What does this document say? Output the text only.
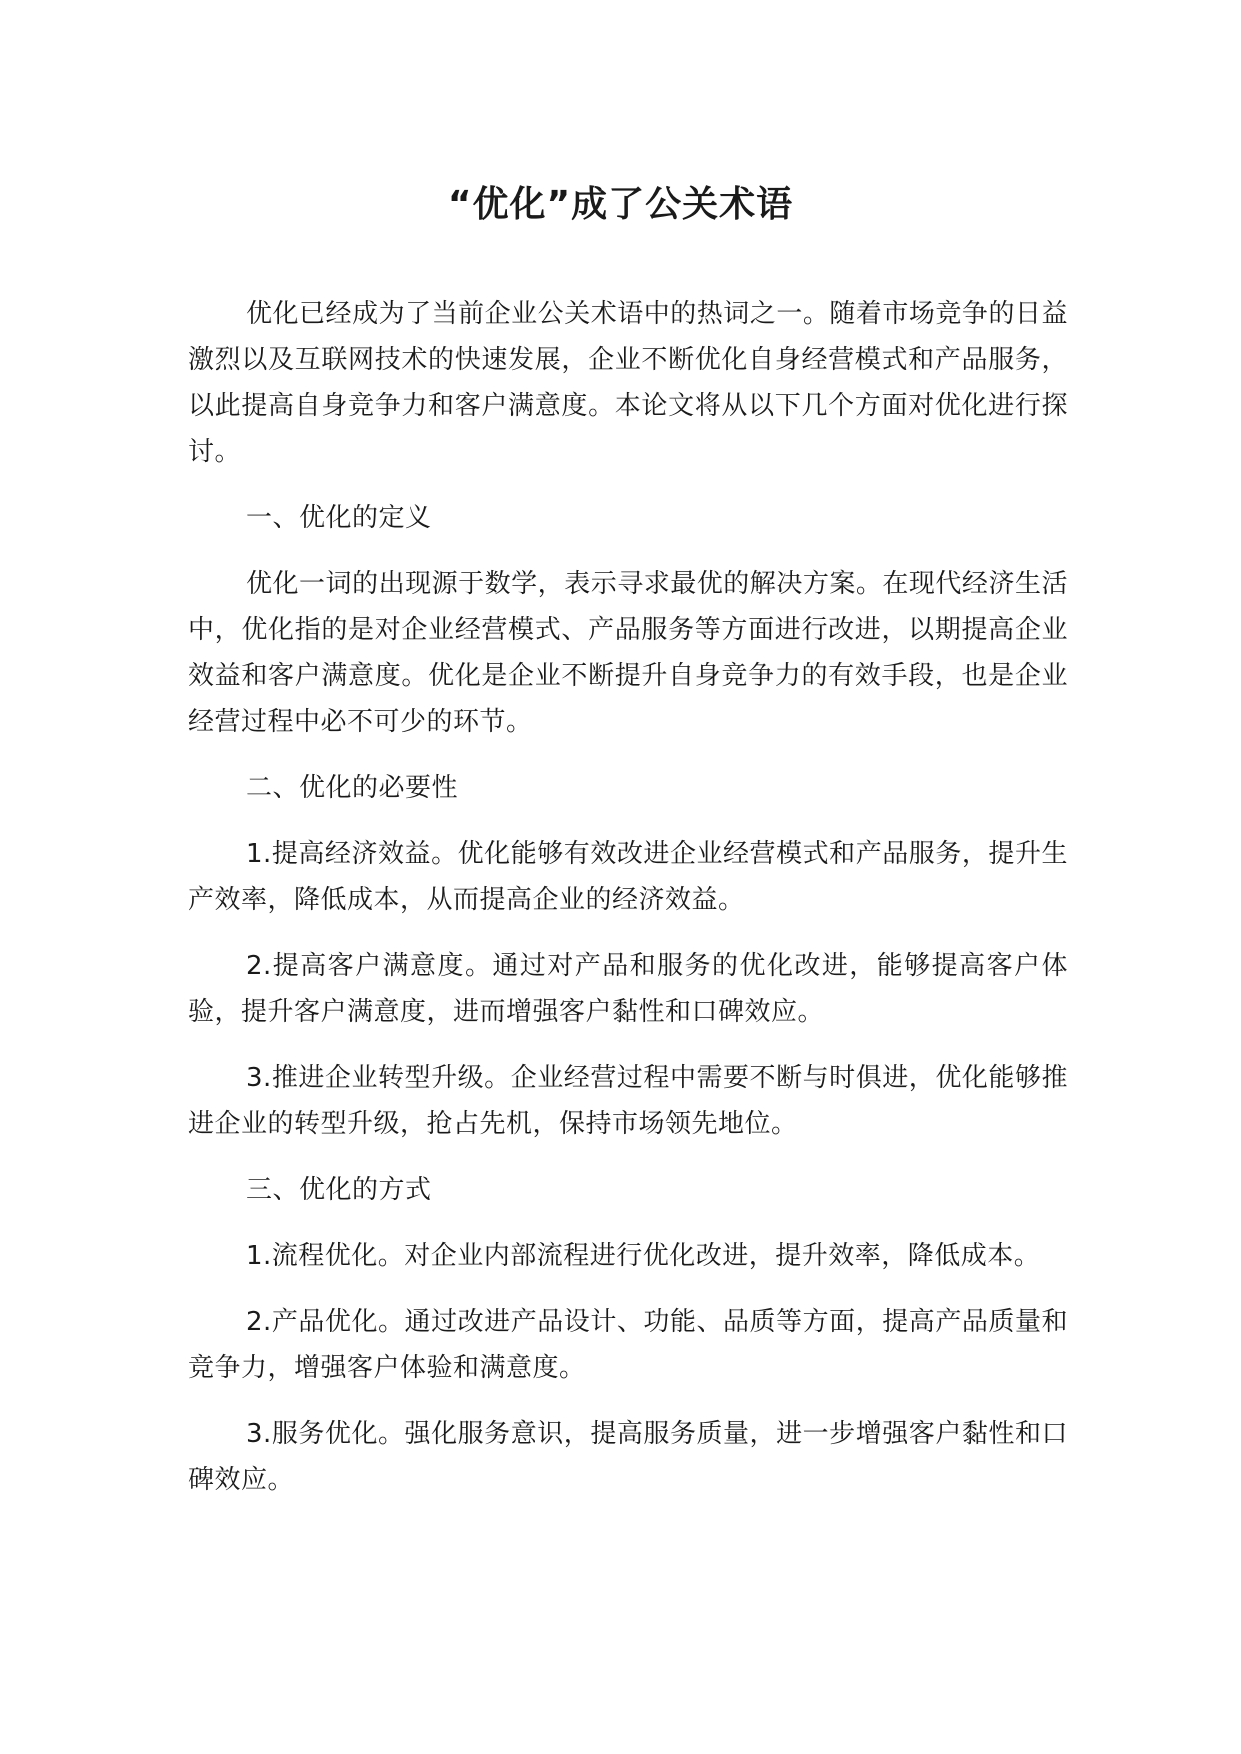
“优化”成了公关术语

优化已经成为了当前企业公关术语中的热词之一。随着市场竞争的日益激烈以及互联网技术的快速发展，企业不断优化自身经营模式和产品服务，以此提高自身竞争力和客户满意度。本论文将从以下几个方面对优化进行探讨。

一、优化的定义

优化一词的出现源于数学，表示寻求最优的解决方案。在现代经济生活中，优化指的是对企业经营模式、产品服务等方面进行改进，以期提高企业效益和客户满意度。优化是企业不断提升自身竞争力的有效手段，也是企业经营过程中必不可少的环节。

二、优化的必要性

1.提高经济效益。优化能够有效改进企业经营模式和产品服务，提升生产效率，降低成本，从而提高企业的经济效益。

2.提高客户满意度。通过对产品和服务的优化改进，能够提高客户体验，提升客户满意度，进而增强客户黏性和口碑效应。

3.推进企业转型升级。企业经营过程中需要不断与时俱进，优化能够推进企业的转型升级，抢占先机，保持市场领先地位。

三、优化的方式

1.流程优化。对企业内部流程进行优化改进，提升效率，降低成本。

2.产品优化。通过改进产品设计、功能、品质等方面，提高产品质量和竞争力，增强客户体验和满意度。

3.服务优化。强化服务意识，提高服务质量，进一步增强客户黏性和口碑效应。
